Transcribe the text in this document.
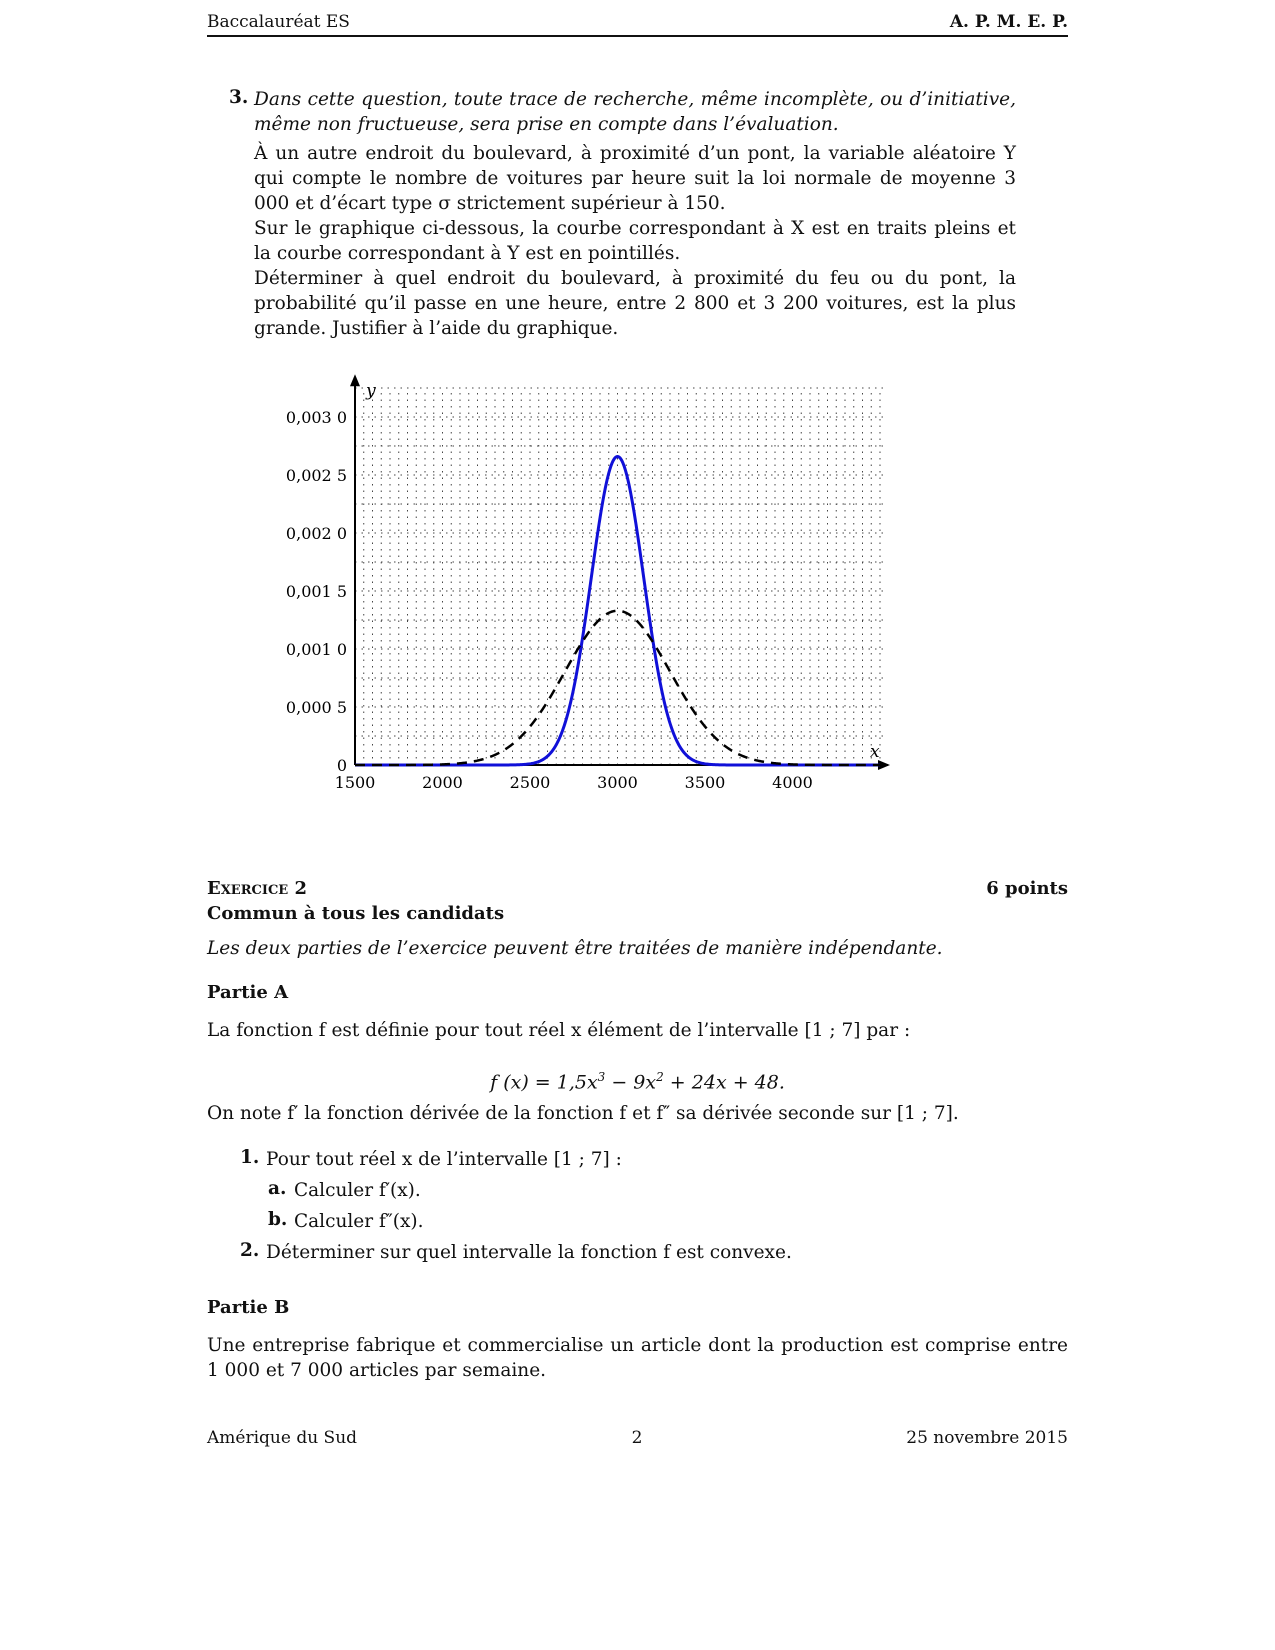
Baccalauréat ES	A. P. M. E. P.
3. Dans cette question, toute trace de recherche, même incomplète, ou d’initiative, même non fructueuse, sera prise en compte dans l’évaluation.
À un autre endroit du boulevard, à proximité d’un pont, la variable aléatoire Y qui compte le nombre de voitures par heure suit la loi normale de moyenne 3 000 et d’écart type σ strictement supérieur à 150.
Sur le graphique ci-dessous, la courbe correspondant à X est en traits pleins et la courbe correspondant à Y est en pointillés.
Déterminer à quel endroit du boulevard, à proximité du feu ou du pont, la probabilité qu’il passe en une heure, entre 2 800 et 3 200 voitures, est la plus grande. Justifier à l’aide du graphique.
x
y
1500	2000	2500	3000	3500	4000
0
0,000 5
0,001 0
0,001 5
0,002 0
0,002 5
0,003 0
Exercice 2	6 points
Commun à tous les candidats
Les deux parties de l’exercice peuvent être traitées de manière indépendante.
Partie A
La fonction f est définie pour tout réel x élément de l’intervalle [1 ; 7] par :
f $(x) = 1,5x^3 - 9x^2 + 24x + 48$.
On note f′ la fonction dérivée de la fonction f et f″ sa dérivée seconde sur [1 ; 7].
1. Pour tout réel x de l’intervalle [1 ; 7] :
a. Calculer f′(x).
b. Calculer f″(x).
2. Déterminer sur quel intervalle la fonction f est convexe.
Partie B
Une entreprise fabrique et commercialise un article dont la production est comprise entre 1 000 et 7 000 articles par semaine.
Amérique du Sud	2	25 novembre 2015
